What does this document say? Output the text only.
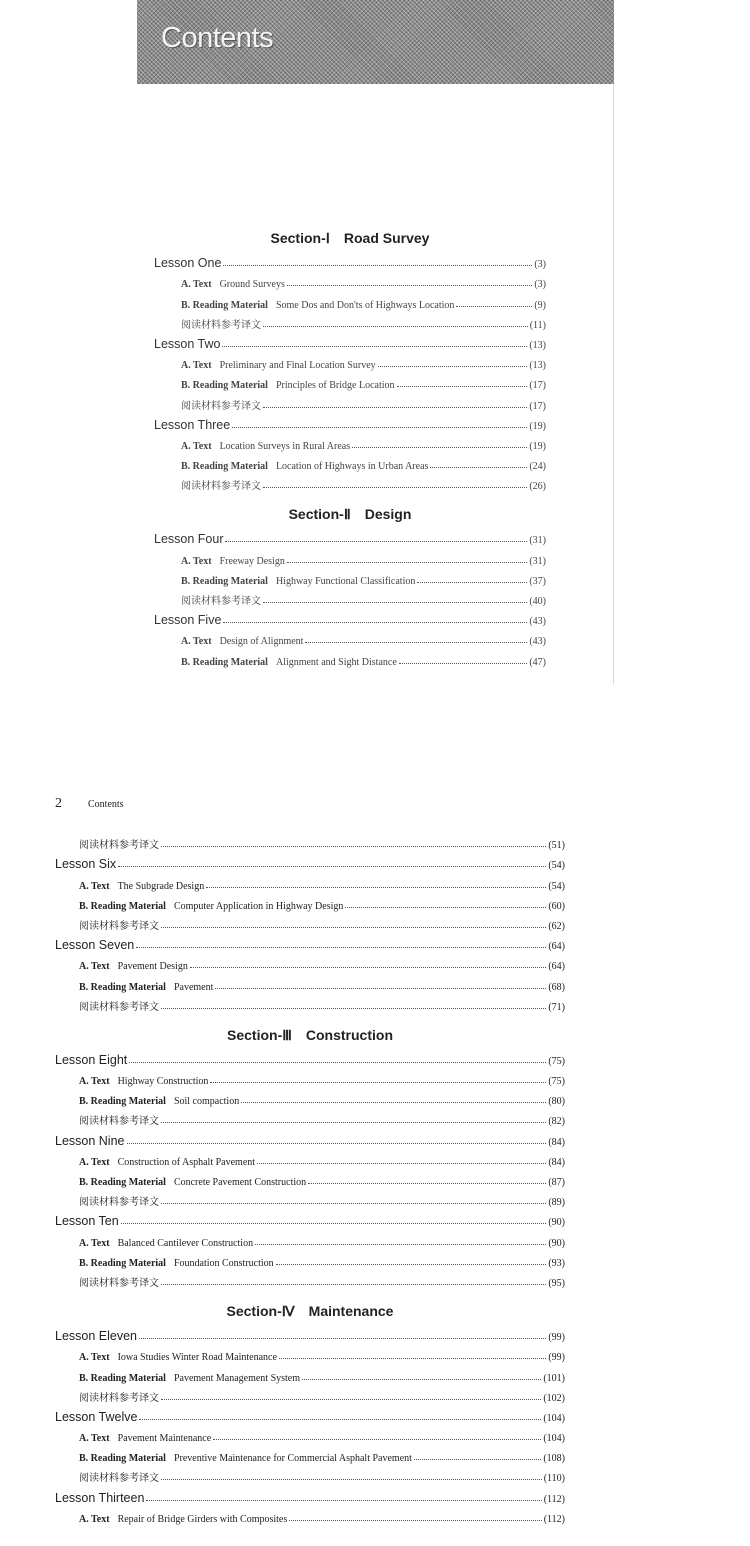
Contents
Section-Ⅰ Road Survey
Lesson One	(3)
A. Text Ground Surveys	(3)
B. Reading Material Some Dos and Don'ts of Highways Location	(9)
阅读材料参考译文	(11)
Lesson Two	(13)
A. Text Preliminary and Final Location Survey	(13)
B. Reading Material Principles of Bridge Location	(17)
阅读材料参考译文	(17)
Lesson Three	(19)
A. Text Location Surveys in Rural Areas	(19)
B. Reading Material Location of Highways in Urban Areas	(24)
阅读材料参考译文	(26)
Section-Ⅱ Design
Lesson Four	(31)
A. Text Freeway Design	(31)
B. Reading Material Highway Functional Classification	(37)
阅读材料参考译文	(40)
Lesson Five	(43)
A. Text Design of Alignment	(43)
B. Reading Material Alignment and Sight Distance	(47)
2	Contents
阅读材料参考译文	(51)
Lesson Six	(54)
A. Text The Subgrade Design	(54)
B. Reading Material Computer Application in Highway Design	(60)
阅读材料参考译文	(62)
Lesson Seven	(64)
A. Text Pavement Design	(64)
B. Reading Material Pavement	(68)
阅读材料参考译文	(71)
Section-Ⅲ Construction
Lesson Eight	(75)
A. Text Highway Construction	(75)
B. Reading Material Soil compaction	(80)
阅读材料参考译文	(82)
Lesson Nine	(84)
A. Text Construction of Asphalt Pavement	(84)
B. Reading Material Concrete Pavement Construction	(87)
阅读材料参考译文	(89)
Lesson Ten	(90)
A. Text Balanced Cantilever Construction	(90)
B. Reading Material Foundation Construction	(93)
阅读材料参考译文	(95)
Section-Ⅳ Maintenance
Lesson Eleven	(99)
A. Text Iowa Studies Winter Road Maintenance	(99)
B. Reading Material Pavement Management System	(101)
阅读材料参考译文	(102)
Lesson Twelve	(104)
A. Text Pavement Maintenance	(104)
B. Reading Material Preventive Maintenance for Commercial Asphalt Pavement	(108)
阅读材料参考译文	(110)
Lesson Thirteen	(112)
A. Text Repair of Bridge Girders with Composites	(112)
